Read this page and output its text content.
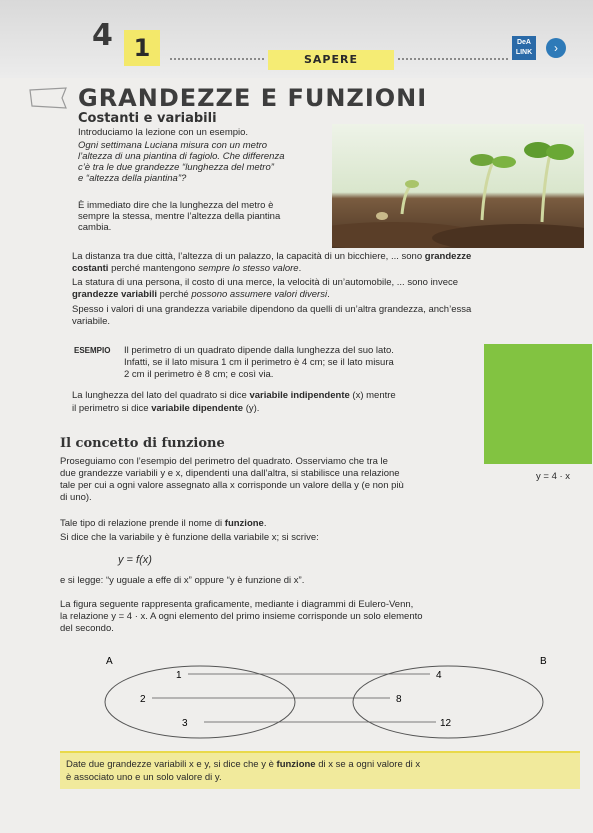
4 1	SAPERE
DeA LINK	›
GRANDEZZE E FUNZIONI
Costanti e variabili
Introduciamo la lezione con un esempio.
Ogni settimana Luciana misura con un metro
l’altezza di una piantina di fagiolo. Che differenza
c’è tra le due grandezze “lunghezza del metro”
e “altezza della piantina”?
È immediato dire che la lunghezza del metro è
sempre la stessa, mentre l’altezza della piantina
cambia.
La distanza tra due città, l’altezza di un palazzo, la capacità di un bicchiere, ... sono grandezze
costanti perché mantengono sempre lo stesso valore.
La statura di una persona, il costo di una merce, la velocità di un’automobile, ... sono invece
grandezze variabili perché possono assumere valori diversi.
Spesso i valori di una grandezza variabile dipendono da quelli di un’altra grandezza, anch’essa
variabile.
ESEMPIO Il perimetro di un quadrato dipende dalla lunghezza del suo lato.
Infatti, se il lato misura 1 cm il perimetro è 4 cm; se il lato misura
2 cm il perimetro è 8 cm; e così via.
La lunghezza del lato del quadrato si dice variabile indipendente (x) mentre
il perimetro si dice variabile dipendente (y).
y = 4 · x
Il concetto di funzione
Proseguiamo con l’esempio del perimetro del quadrato. Osserviamo che tra le
due grandezze variabili y e x, dipendenti una dall’altra, si stabilisce una relazione
tale per cui a ogni valore assegnato alla x corrisponde un valore della y (e non più
di uno).
Tale tipo di relazione prende il nome di funzione.
Si dice che la variabile y è funzione della variabile x; si scrive:
y = f(x)
e si legge: “y uguale a effe di x” oppure “y è funzione di x”.
La figura seguente rappresenta graficamente, mediante i diagrammi di Eulero-Venn,
la relazione y = 4 · x. A ogni elemento del primo insieme corrisponde un solo elemento
del secondo.
A	B
1
2
3
4
8
12
Date due grandezze variabili x e y, si dice che y è funzione di x se a ogni valore di x
è associato uno e un solo valore di y.
